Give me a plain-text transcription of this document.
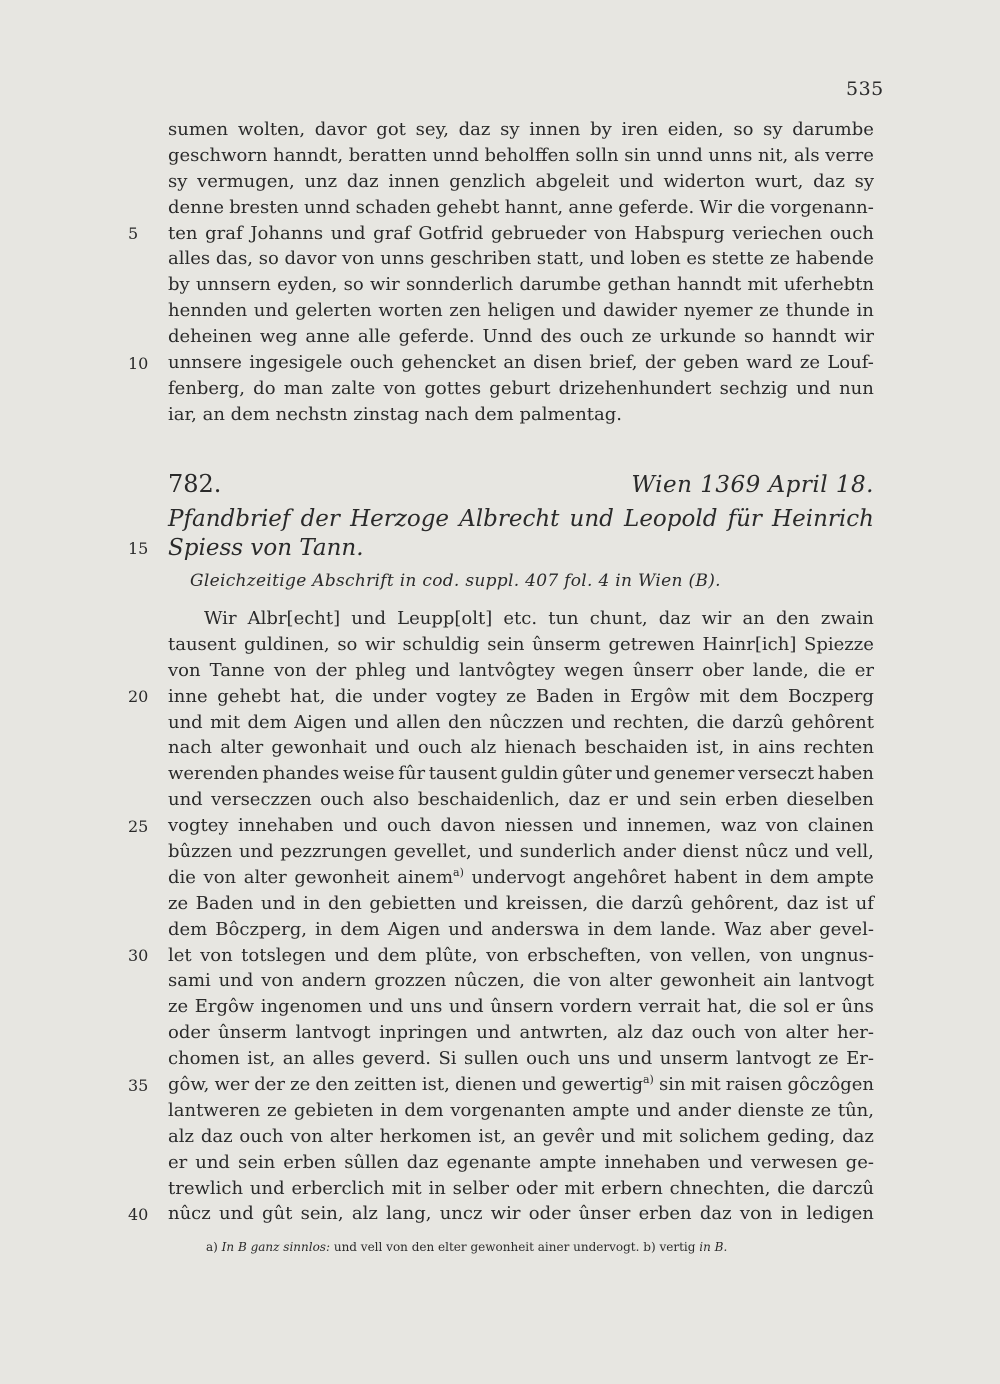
535
sumen wolten, davor got sey, daz sy innen by iren eiden, so sy darumbe
geschworn hanndt, beratten unnd beholffen solln sin unnd unns nit, als verre
sy vermugen, unz daz innen genzlich abgeleit und widerton wurt, daz sy
denne bresten unnd schaden gehebt hannt, anne geferde. Wir die vorgenann-
ten graf Johanns und graf Gotfrid gebrueder von Habspurg veriechen ouch
alles das, so davor von unns geschriben statt, und loben es stette ze habende
by unnsern eyden, so wir sonnderlich darumbe gethan hanndt mit uferhebtn
hennden und gelerten worten zen heligen und dawider nyemer ze thunde in
deheinen weg anne alle geferde. Unnd des ouch ze urkunde so hanndt wir
unnsere ingesigele ouch gehencket an disen brief, der geben ward ze Louf-
fenberg, do man zalte von gottes geburt drizehenhundert sechzig und nun
iar, an dem nechstn zinstag nach dem palmentag.
5
10
782.	Wien 1369 April 18.
Pfandbrief der Herzoge Albrecht und Leopold für Heinrich
Spiess von Tann.
15
Gleichzeitige Abschrift in cod. suppl. 407 fol. 4 in Wien (B).
Wir Albr[echt] und Leupp[olt] etc. tun chunt, daz wir an den zwain
tausent guldinen, so wir schuldig sein ûnserm getrewen Hainr[ich] Spiezze
von Tanne von der phleg und lantvôgtey wegen ûnserr ober lande, die er
inne gehebt hat, die under vogtey ze Baden in Ergôw mit dem Boczperg
und mit dem Aigen und allen den nûczzen und rechten, die darzû gehôrent
nach alter gewonhait und ouch alz hienach beschaiden ist, in ains rechten
werenden phandes weise fûr tausent guldin gûter und genemer verseczt haben
und verseczzen ouch also beschaidenlich, daz er und sein erben dieselben
vogtey innehaben und ouch davon niessen und innemen, waz von clainen
bûzzen und pezzrungen gevellet, und sunderlich ander dienst nûcz und vell,
die von alter gewonheit ainem$^{a)}$ undervogt angehôret habent in dem ampte
ze Baden und in den gebietten und kreissen, die darzû gehôrent, daz ist uf
dem Bôczperg, in dem Aigen und anderswa in dem lande. Waz aber gevel-
let von totslegen und dem plûte, von erbscheften, von vellen, von ungnus-
sami und von andern grozzen nûczen, die von alter gewonheit ain lantvogt
ze Ergôw ingenomen und uns und ûnsern vordern verrait hat, die sol er ûns
oder ûnserm lantvogt inpringen und antwrten, alz daz ouch von alter her-
chomen ist, an alles geverd. Si sullen ouch uns und unserm lantvogt ze Er-
gôw, wer der ze den zeitten ist, dienen und gewertig$^{a)}$ sin mit raisen gôczôgen
lantweren ze gebieten in dem vorgenanten ampte und ander dienste ze tûn,
alz daz ouch von alter herkomen ist, an gevêr und mit solichem geding, daz
er und sein erben sûllen daz egenante ampte innehaben und verwesen ge-
trewlich und erberclich mit in selber oder mit erbern chnechten, die darczû
nûcz und gût sein, alz lang, uncz wir oder ûnser erben daz von in ledigen
20
25
30
35
40
a) In B ganz sinnlos: und vell von den elter gewonheit ainer undervogt. b) vertig in B.
